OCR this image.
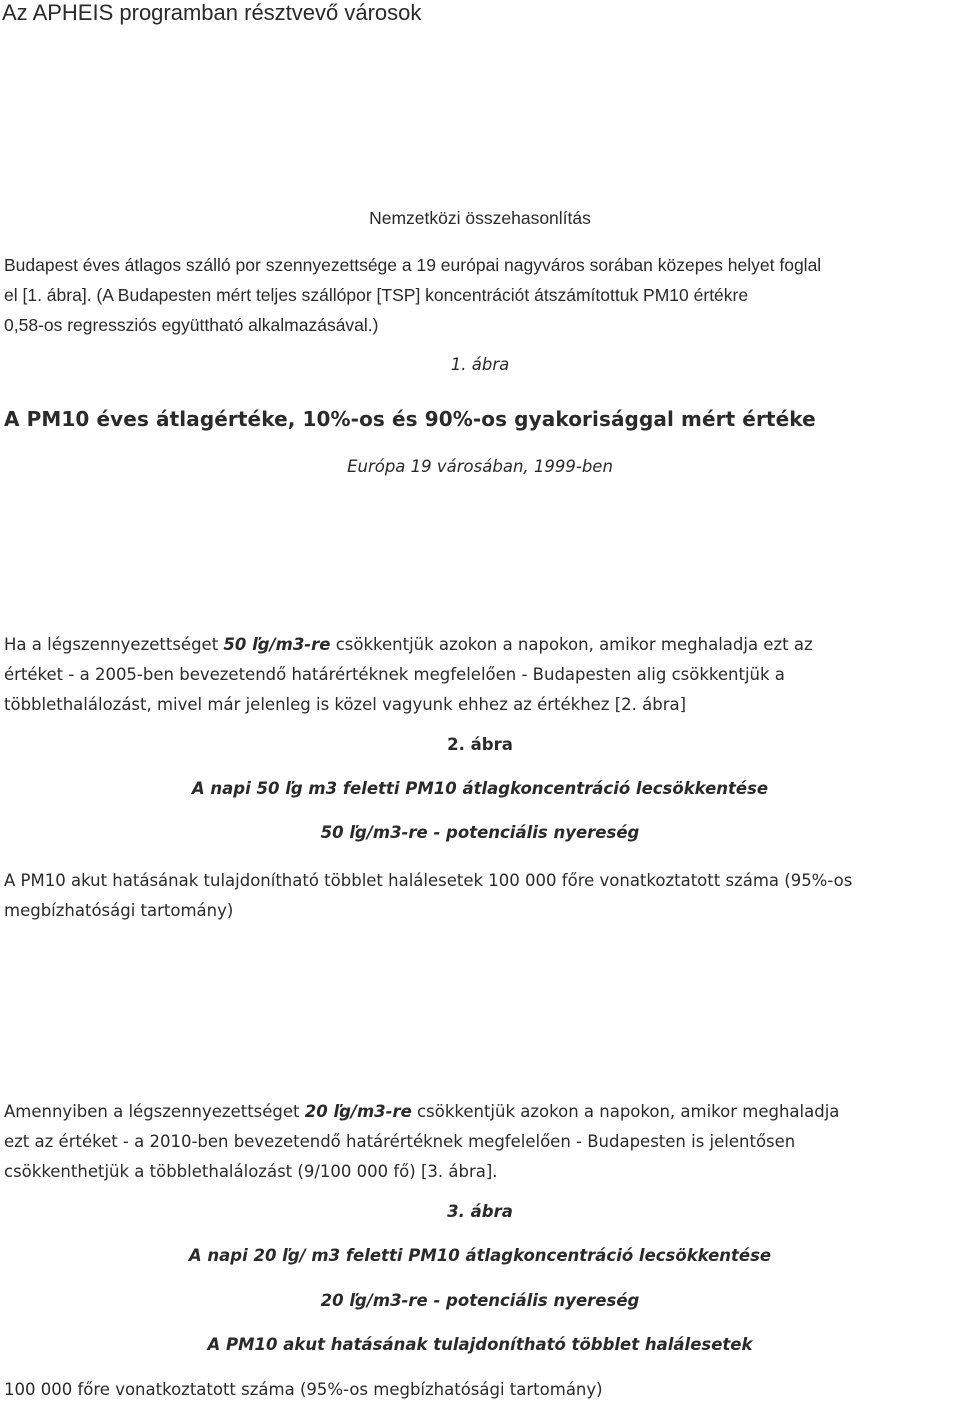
Az APHEIS programban résztvevő városok
Nemzetközi összehasonlítás
Budapest éves átlagos szálló por szennyezettsége a 19 európai nagyváros sorában közepes helyet foglal
el [1. ábra]. (A Budapesten mért teljes szállópor [TSP] koncentrációt átszámítottuk PM10 értékre
0,58-os regressziós együttható alkalmazásával.)
1. ábra
A PM10 éves átlagértéke, 10%-os és 90%-os gyakorisággal mért értéke
Európa 19 városában, 1999-ben
Ha a légszennyezettséget 50 ľg/m3-re csökkentjük azokon a napokon, amikor meghaladja ezt az
értéket - a 2005-ben bevezetendő határértéknek megfelelően - Budapesten alig csökkentjük a
többlethalálozást, mivel már jelenleg is közel vagyunk ehhez az értékhez [2. ábra]
2. ábra
A napi 50 ľg m3 feletti PM10 átlagkoncentráció lecsökkentése
50 ľg/m3-re - potenciális nyereség
A PM10 akut hatásának tulajdonítható többlet halálesetek 100 000 főre vonatkoztatott száma (95%-os
megbízhatósági tartomány)
Amennyiben a légszennyezettséget 20 ľg/m3-re csökkentjük azokon a napokon, amikor meghaladja
ezt az értéket - a 2010-ben bevezetendő határértéknek megfelelően - Budapesten is jelentősen
csökkenthetjük a többlethalálozást (9/100 000 fő) [3. ábra].
3. ábra
A napi 20 ľg/ m3 feletti PM10 átlagkoncentráció lecsökkentése
20 ľg/m3-re - potenciális nyereség
A PM10 akut hatásának tulajdonítható többlet halálesetek
100 000 főre vonatkoztatott száma (95%-os megbízhatósági tartomány)
